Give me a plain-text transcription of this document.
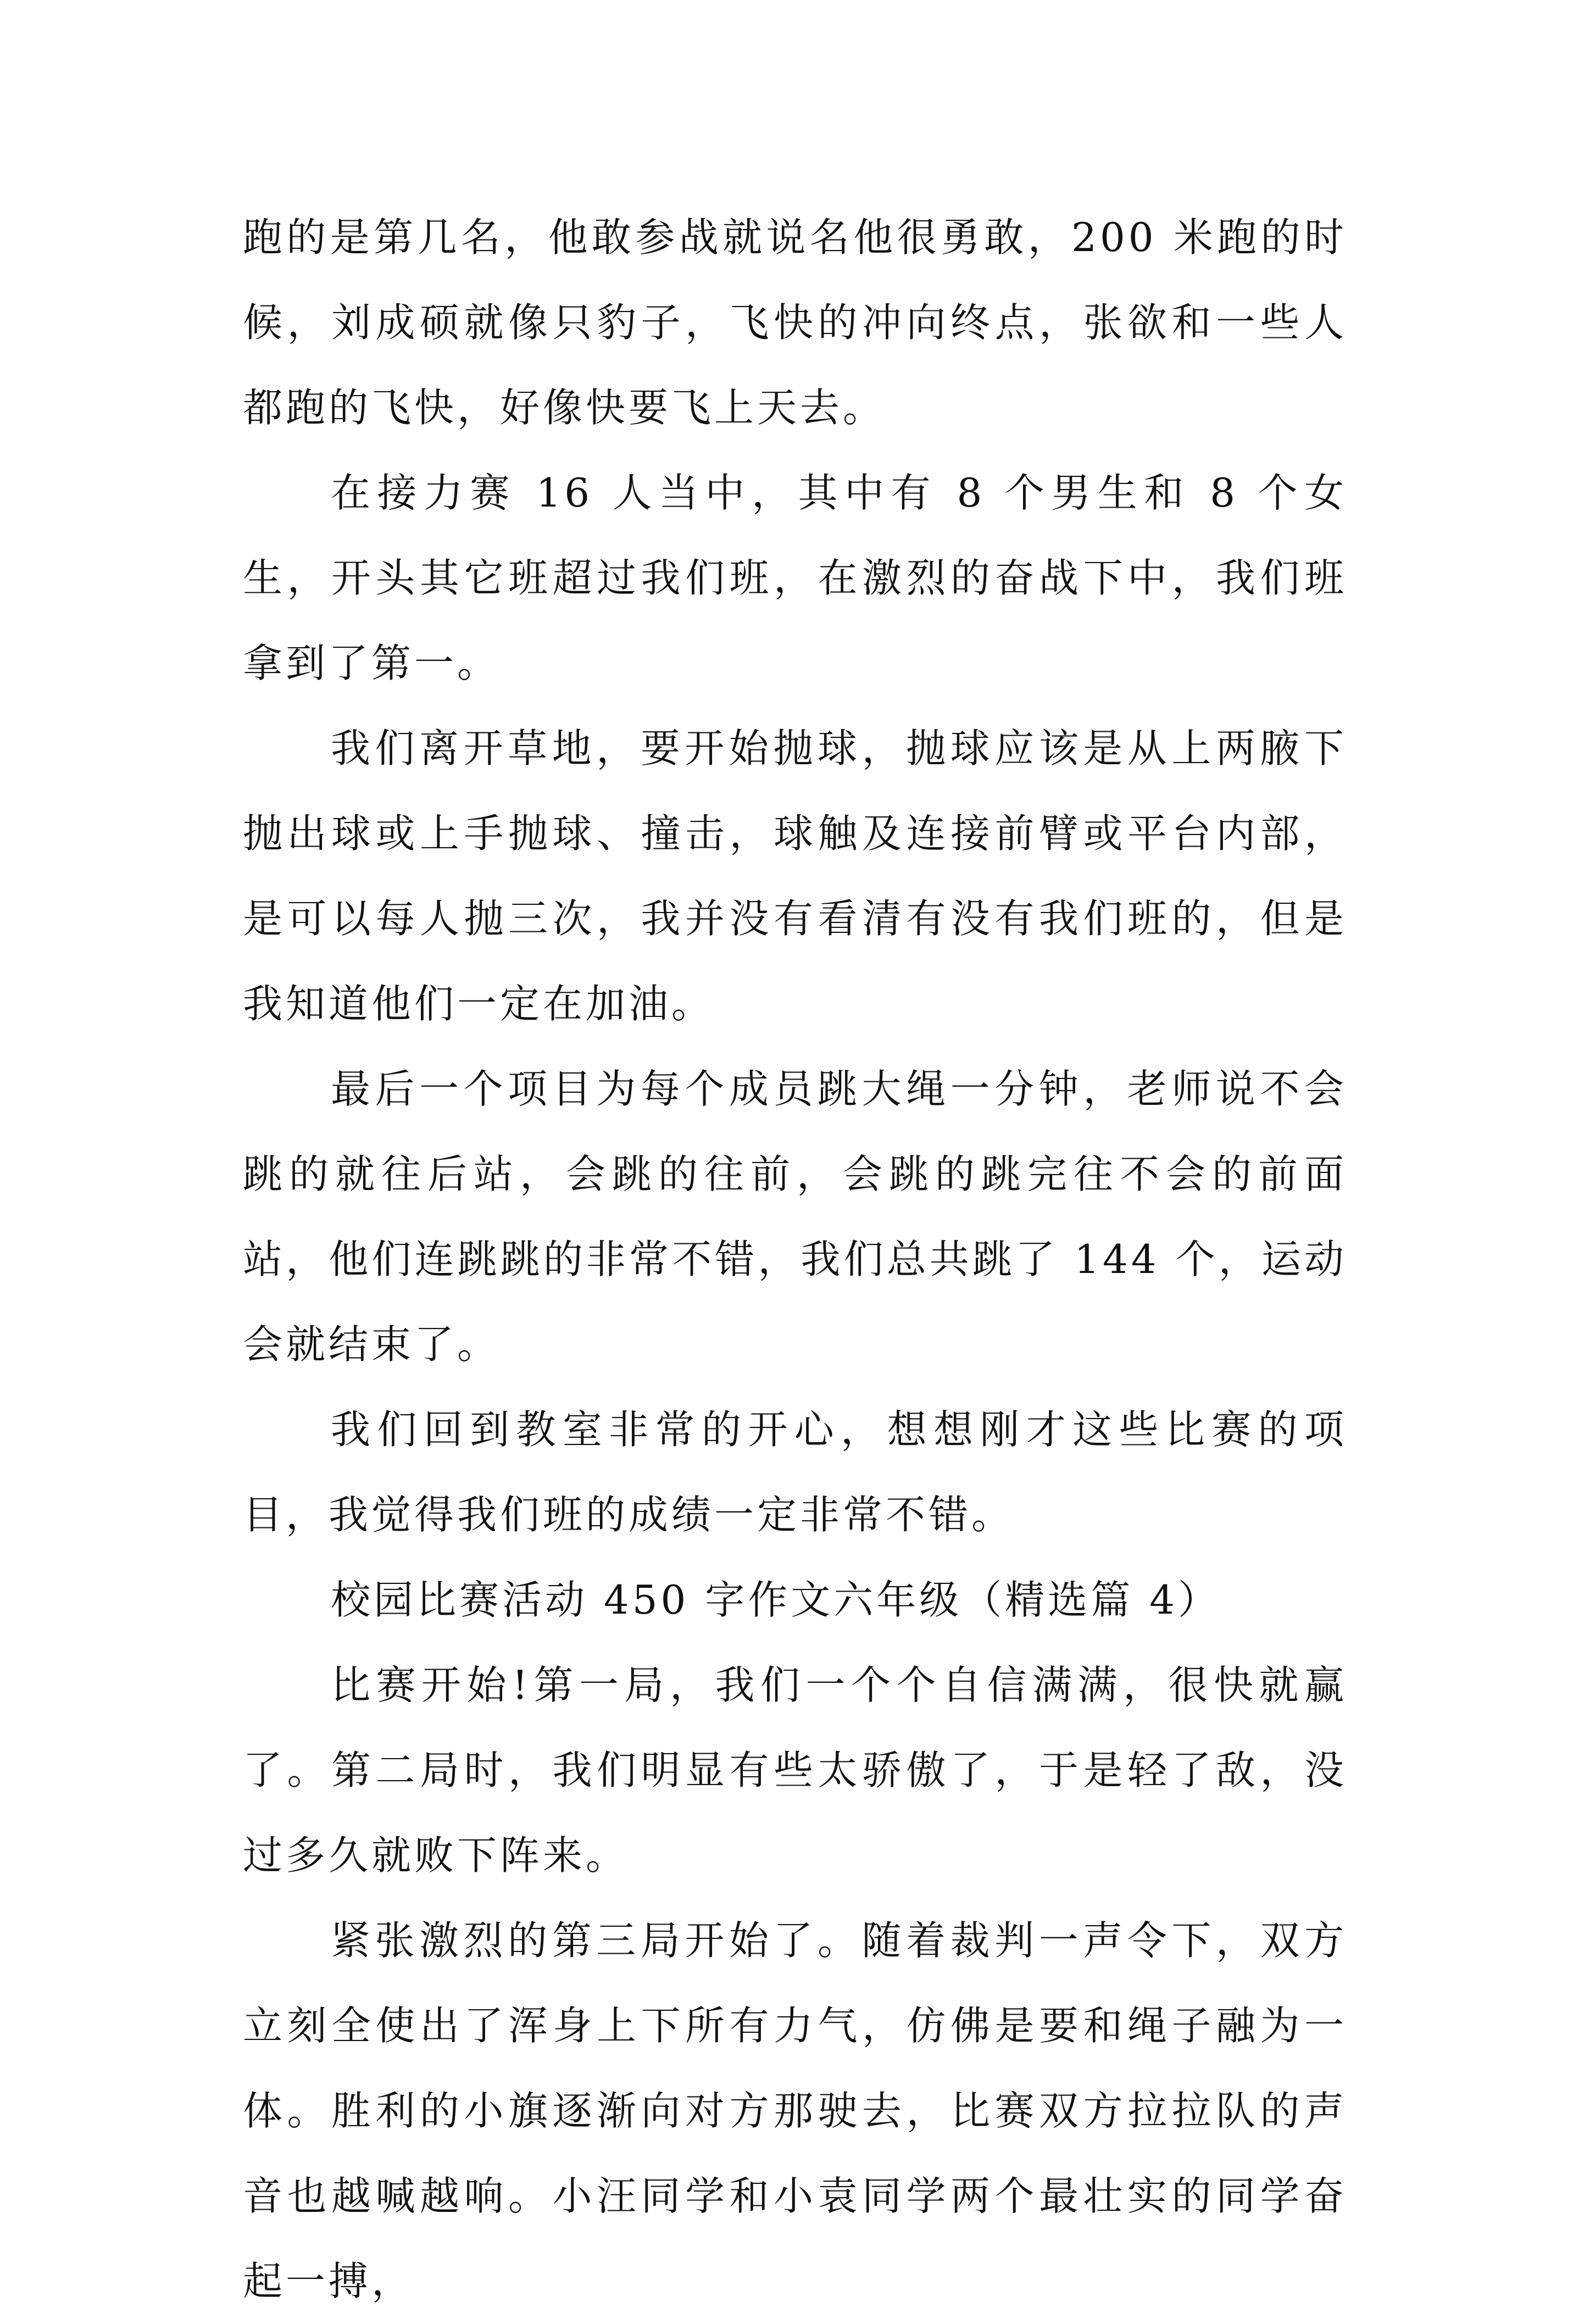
跑的是第几名，他敢参战就说名他很勇敢，200 米跑的时候，刘成硕就像只豹子，飞快的冲向终点，张欲和一些人都跑的飞快，好像快要飞上天去。

在接力赛 16 人当中，其中有 8 个男生和 8 个女生，开头其它班超过我们班，在激烈的奋战下中，我们班拿到了第一。

我们离开草地，要开始抛球，抛球应该是从上两腋下抛出球或上手抛球、撞击，球触及连接前臂或平台内部，是可以每人抛三次，我并没有看清有没有我们班的，但是我知道他们一定在加油。

最后一个项目为每个成员跳大绳一分钟，老师说不会跳的就往后站，会跳的往前，会跳的跳完往不会的前面站，他们连跳跳的非常不错，我们总共跳了 144 个，运动会就结束了。

我们回到教室非常的开心，想想刚才这些比赛的项目，我觉得我们班的成绩一定非常不错。

校园比赛活动 450 字作文六年级（精选篇 4）

比赛开始!第一局，我们一个个自信满满，很快就赢了。第二局时，我们明显有些太骄傲了，于是轻了敌，没过多久就败下阵来。

紧张激烈的第三局开始了。随着裁判一声令下，双方立刻全使出了浑身上下所有力气，仿佛是要和绳子融为一体。胜利的小旗逐渐向对方那驶去，比赛双方拉拉队的声音也越喊越响。小汪同学和小袁同学两个最壮实的同学奋起一搏，
